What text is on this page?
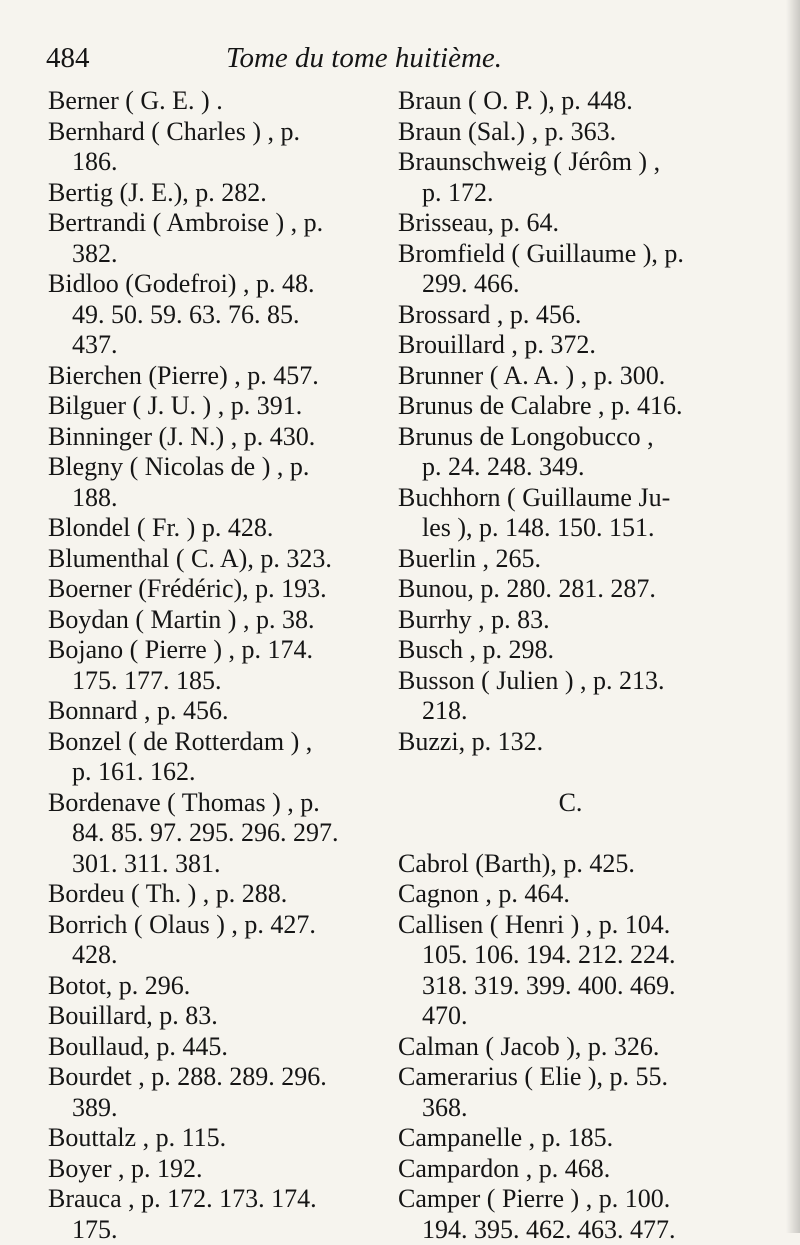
484	Tome du tome huitième.
Berner ( G. E. ) .
Bernhard ( Charles ) , p.
186.
Bertig (J. E.), p. 282.
Bertrandi ( Ambroise ) , p.
382.
Bidloo (Godefroi) , p. 48.
49. 50. 59. 63. 76. 85.
437.
Bierchen (Pierre) , p. 457.
Bilguer ( J. U. ) , p. 391.
Binninger (J. N.) , p. 430.
Blegny ( Nicolas de ) , p.
188.
Blondel ( Fr. ) p. 428.
Blumenthal ( C. A), p. 323.
Boerner (Frédéric), p. 193.
Boydan ( Martin ) , p. 38.
Bojano ( Pierre ) , p. 174.
175. 177. 185.
Bonnard , p. 456.
Bonzel ( de Rotterdam ) ,
p. 161. 162.
Bordenave ( Thomas ) , p.
84. 85. 97. 295. 296. 297.
301. 311. 381.
Bordeu ( Th. ) , p. 288.
Borrich ( Olaus ) , p. 427.
428.
Botot, p. 296.
Bouillard, p. 83.
Boullaud, p. 445.
Bourdet , p. 288. 289. 296.
389.
Bouttalz , p. 115.
Boyer , p. 192.
Brauca , p. 172. 173. 174.
175.
Braun ( O. P. ), p. 448.
Braun (Sal.) , p. 363.
Braunschweig ( Jérôm ) ,
p. 172.
Brisseau, p. 64.
Bromfield ( Guillaume ), p.
299. 466.
Brossard , p. 456.
Brouillard , p. 372.
Brunner ( A. A. ) , p. 300.
Brunus de Calabre , p. 416.
Brunus de Longobucco ,
p. 24. 248. 349.
Buchhorn ( Guillaume Ju-
les ), p. 148. 150. 151.
Buerlin , 265.
Bunou, p. 280. 281. 287.
Burrhy , p. 83.
Busch , p. 298.
Busson ( Julien ) , p. 213.
218.
Buzzi, p. 132.
C.
Cabrol (Barth), p. 425.
Cagnon , p. 464.
Callisen ( Henri ) , p. 104.
105. 106. 194. 212. 224.
318. 319. 399. 400. 469.
470.
Calman ( Jacob ), p. 326.
Camerarius ( Elie ), p. 55.
368.
Campanelle , p. 185.
Campardon , p. 468.
Camper ( Pierre ) , p. 100.
194. 395. 462. 463. 477.
